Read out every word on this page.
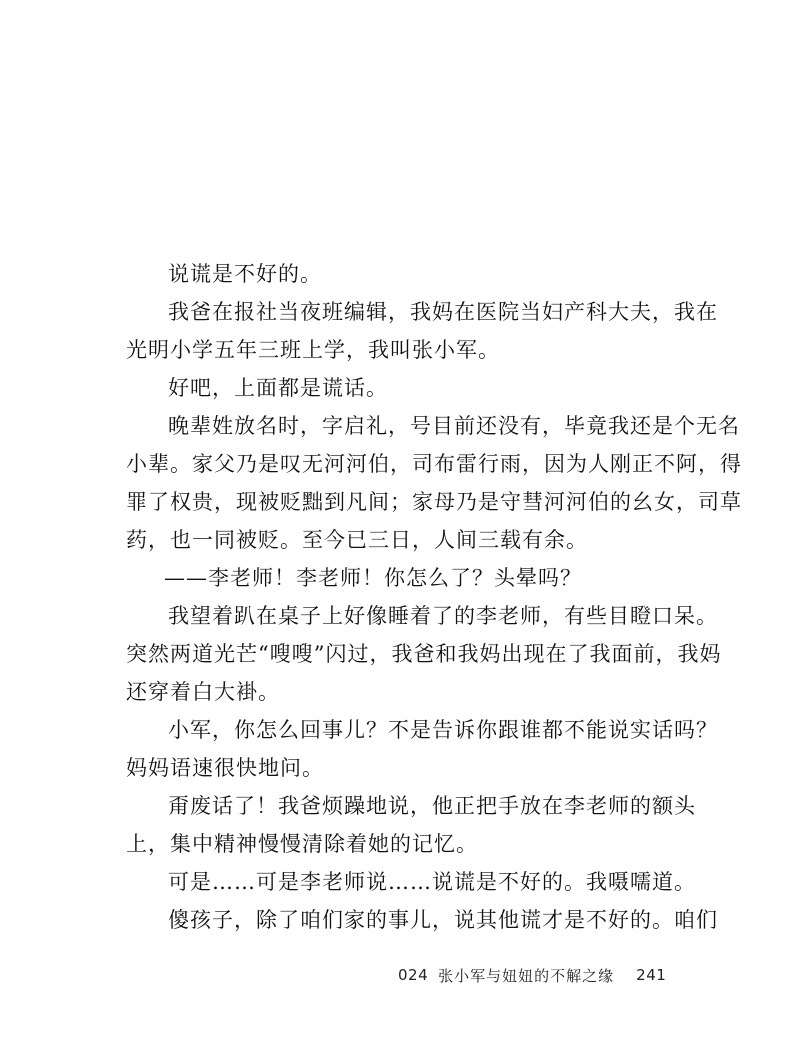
说谎是不好的。

我爸在报社当夜班编辑，我妈在医院当妇产科大夫，我在

光明小学五年三班上学，我叫张小军。

好吧，上面都是谎话。

晚辈姓放名时，字启礼，号目前还没有，毕竟我还是个无名

小辈。家父乃是叹无河河伯，司布雷行雨，因为人刚正不阿，得

罪了权贵，现被贬黜到凡间；家母乃是守彗河河伯的幺女，司草

药，也一同被贬。至今已三日，人间三载有余。

——李老师！李老师！你怎么了？头晕吗？

我望着趴在桌子上好像睡着了的李老师，有些目瞪口呆。

突然两道光芒“嗖嗖”闪过，我爸和我妈出现在了我面前，我妈

还穿着白大褂。

小军，你怎么回事儿？不是告诉你跟谁都不能说实话吗？

妈妈语速很快地问。

甭废话了！我爸烦躁地说，他正把手放在李老师的额头

上，集中精神慢慢清除着她的记忆。

可是……可是李老师说……说谎是不好的。我嗫嚅道。

傻孩子，除了咱们家的事儿，说其他谎才是不好的。咱们

024 张小军与妞妞的不解之缘 241
